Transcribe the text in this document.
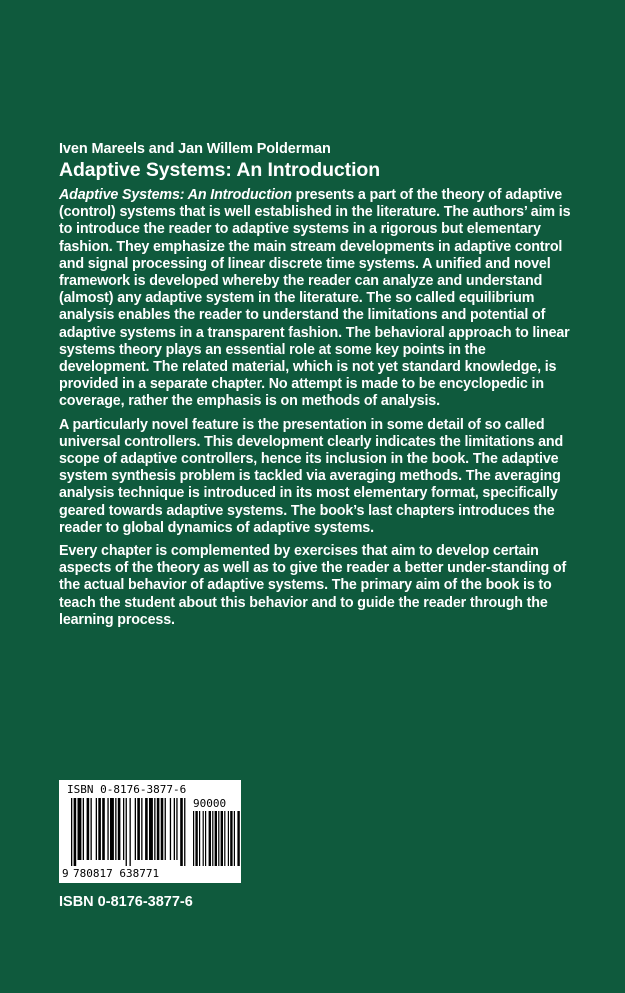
Iven Mareels and Jan Willem Polderman

Adaptive Systems: An Introduction

Adaptive Systems: An Introduction presents a part of the theory of adaptive (control) systems that is well established in the literature. The authors’ aim is to introduce the reader to adaptive systems in a rigorous but elementary fashion. They emphasize the main stream developments in adaptive control and signal processing of linear discrete time systems. A unified and novel framework is developed whereby the reader can analyze and understand (almost) any adaptive system in the literature. The so called equilibrium analysis enables the reader to understand the limitations and potential of adaptive systems in a transparent fashion. The behavioral approach to linear systems theory plays an essential role at some key points in the development. The related material, which is not yet standard knowledge, is provided in a separate chapter. No attempt is made to be encyclopedic in coverage, rather the emphasis is on methods of analysis.

A particularly novel feature is the presentation in some detail of so called universal controllers. This development clearly indicates the limitations and scope of adaptive controllers, hence its inclusion in the book. The adaptive system synthesis problem is tackled via averaging methods. The averaging analysis technique is introduced in its most elementary format, specifically geared towards adaptive systems. The book’s last chapters introduces the reader to global dynamics of adaptive systems.

Every chapter is complemented by exercises that aim to develop certain aspects of the theory as well as to give the reader a better under-standing of the actual behavior of adaptive systems. The primary aim of the book is to teach the student about this behavior and to guide the reader through the learning process.

ISBN 0-8176-3877-6
90000
9 780817 638771
ISBN 0-8176-3877-6
